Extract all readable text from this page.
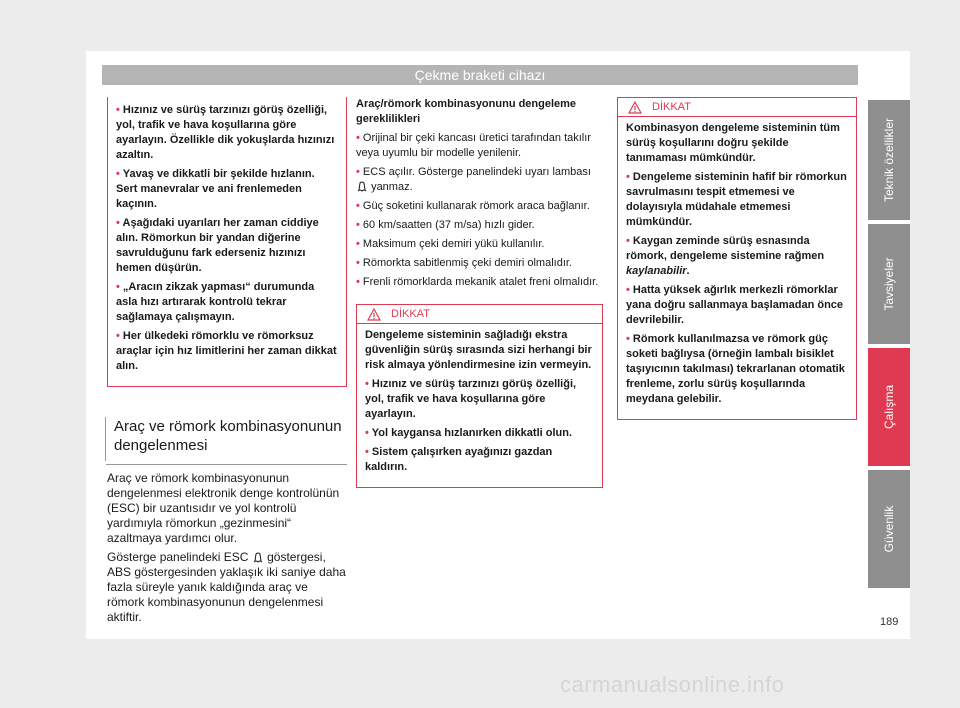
Çekme braketi cihazı
• Hızınız ve sürüş tarzınızı görüş özelliği, yol, trafik ve hava koşullarına göre ayarlayın. Özellikle dik yokuşlarda hızınızı azaltın.
• Yavaş ve dikkatli bir şekilde hızlanın. Sert manevralar ve ani frenlemeden kaçının.
• Aşağıdaki uyarıları her zaman ciddiye alın. Römorkun bir yandan diğerine savrulduğunu fark ederseniz hızınızı hemen düşürün.
• „Aracın zikzak yapması“ durumunda asla hızı artırarak kontrolü tekrar sağlamaya çalışmayın.
• Her ülkedeki römorklu ve römorksuz araçlar için hız limitlerini her zaman dikkat alın.
Araç ve römork kombinasyonunun dengelenmesi

Araç ve römork kombinasyonunun dengelenmesi elektronik denge kontrolünün (ESC) bir uzantısıdır ve yol kontrolü yardımıyla römorkun „gezinmesini“ azaltmaya yardımcı olur.

Gösterge panelindeki ESC göstergesi, ABS göstergesinden yaklaşık iki saniye daha fazla süreyle yanık kaldığında araç ve römork kombinasyonunun dengelenmesi aktiftir.

Araç/römork kombinasyonunu dengeleme gereklilikleri
• Orijinal bir çeki kancası üretici tarafından takılır veya uyumlu bir modelle yenilenir.
• ECS açılır. Gösterge panelindeki uyarı lambası  yanmaz.
• Güç soketini kullanarak römork araca bağlanır.
• 60 km/saatten (37 m/sa) hızlı gider.
• Maksimum çeki demiri yükü kullanılır.
• Römorkta sabitlenmiş çeki demiri olmalıdır.
• Frenli römorklarda mekanik atalet freni olmalıdır.
DİKKAT

Dengeleme sisteminin sağladığı ekstra güvenliğin sürüş sırasında sizi herhangi bir risk almaya yönlendirmesine izin vermeyin.

• Hızınız ve sürüş tarzınızı görüş özelliği, yol, trafik ve hava koşullarına göre ayarlayın.
• Yol kaygansa hızlanırken dikkatli olun.
• Sistem çalışırken ayağınızı gazdan kaldırın.
DİKKAT

Kombinasyon dengeleme sisteminin tüm sürüş koşullarını doğru şekilde tanımaması mümkündür.

• Dengeleme sisteminin hafif bir römorkun savrulmasını tespit etmemesi ve dolayısıyla müdahale etmemesi mümkündür.
• Kaygan zeminde sürüş esnasında römork, dengeleme sistemine rağmen kaylanabilir.
• Hatta yüksek ağırlık merkezli römorklar yana doğru sallanmaya başlamadan önce devrilebilir.
• Römork kullanılmazsa ve römork güç soketi bağlıysa (örneğin lambalı bisiklet taşıyıcının takılması) tekrarlanan otomatik frenleme, zorlu sürüş koşullarında meydana gelebilir.
Teknik özellikler
Tavsiyeler
Çalışma
Güvenlik
189
carmanualsonline.info
